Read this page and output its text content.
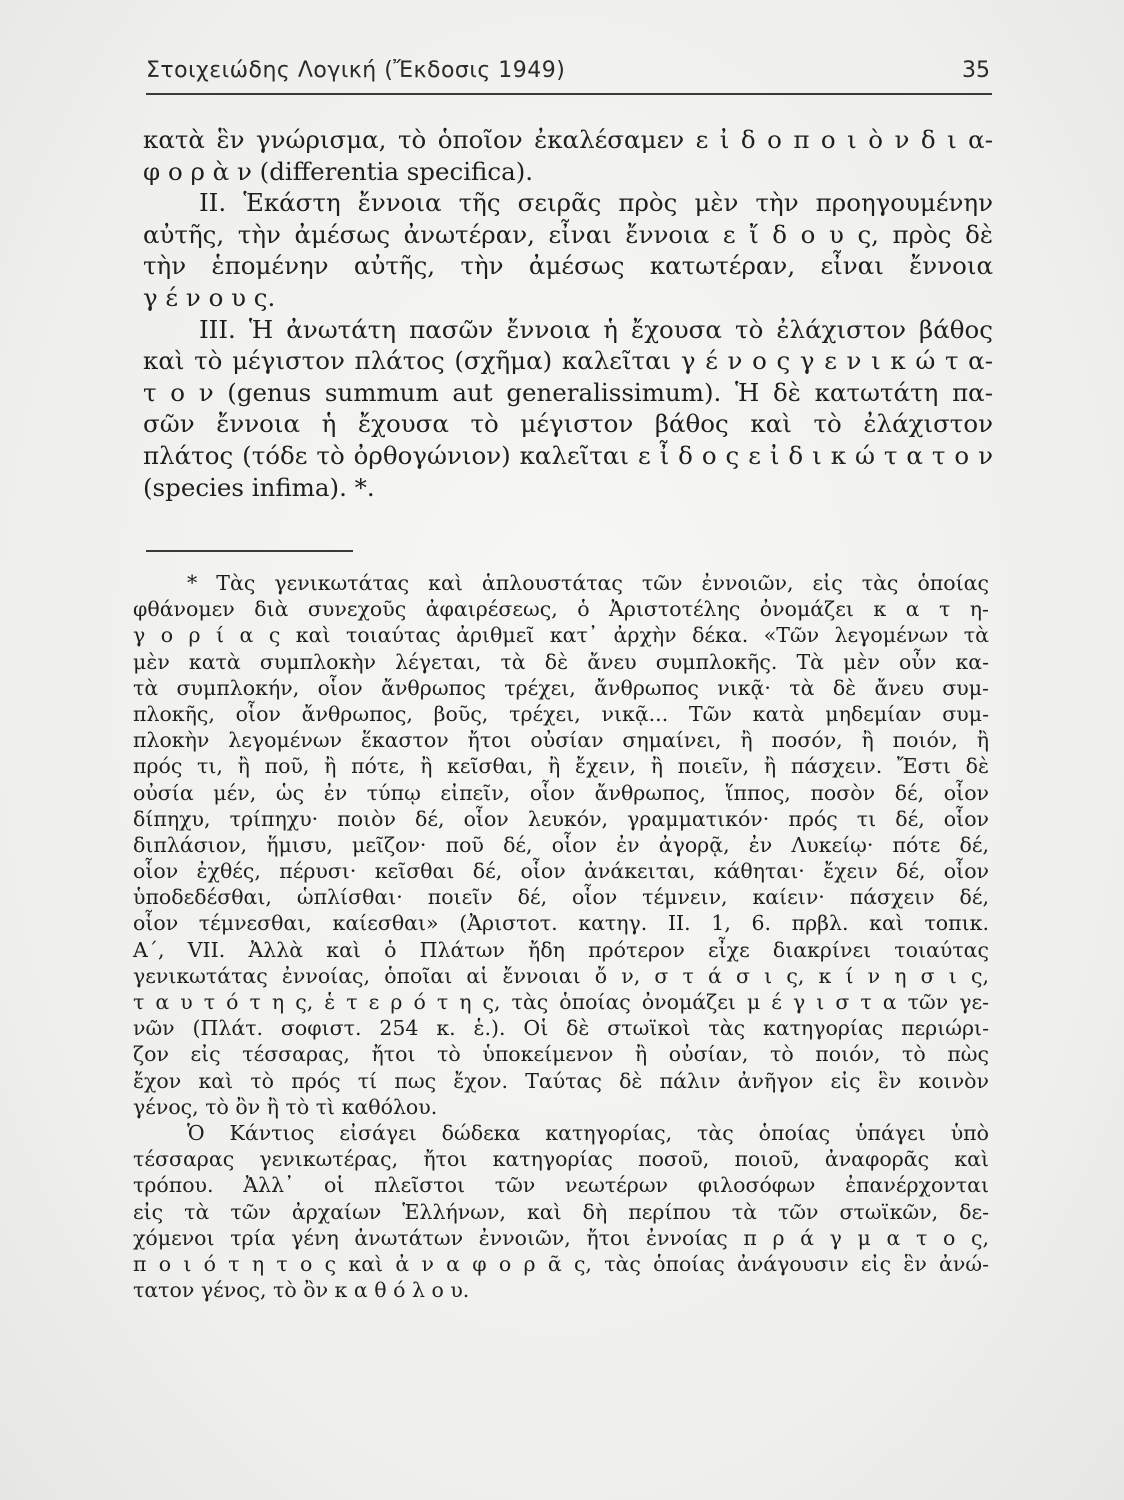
Στοιχειώδης Λογική (Ἔκδοσις 1949)	35
κατὰ ἓν γνώρισμα, τὸ ὁποῖον ἐκαλέσαμεν ε ἰ δ ο π ο ι ὸ ν δ ι α-
φ ο ρ ὰ ν (differentia specifica).
II. Ἑκάστη ἔννοια τῆς σειρᾶς πρὸς μὲν τὴν προηγουμένην
αὐτῆς, τὴν ἀμέσως ἀνωτέραν, εἶναι ἔννοια ε ἴ δ ο υ ς, πρὸς δὲ
τὴν ἑπομένην αὐτῆς, τὴν ἀμέσως κατωτέραν, εἶναι ἔννοια
γ έ ν ο υ ς.
III. Ἡ ἀνωτάτη πασῶν ἔννοια ἡ ἔχουσα τὸ ἐλάχιστον βάθος
καὶ τὸ μέγιστον πλάτος (σχῆμα) καλεῖται γ έ ν ο ς γ ε ν ι κ ώ τ α-
τ ο ν (genus summum aut generalissimum). Ἡ δὲ κατωτάτη πα-
σῶν ἔννοια ἡ ἔχουσα τὸ μέγιστον βάθος καὶ τὸ ἐλάχιστον
πλάτος (τόδε τὸ ὀρθογώνιον) καλεῖται ε ἶ δ ο ς ε ἰ δ ι κ ώ τ α τ ο ν
(species infima). *.
* Τὰς γενικωτάτας καὶ ἁπλουστάτας τῶν ἐννοιῶν, εἰς τὰς ὁποίας
φθάνομεν διὰ συνεχοῦς ἀφαιρέσεως, ὁ Ἀριστοτέλης ὀνομάζει κ α τ η-
γ ο ρ ί α ς καὶ τοιαύτας ἀριθμεῖ κατ᾿ ἀρχὴν δέκα. «Τῶν λεγομένων τὰ
μὲν κατὰ συμπλοκὴν λέγεται, τὰ δὲ ἄνευ συμπλοκῆς. Τὰ μὲν οὖν κα-
τὰ συμπλοκήν, οἷον ἄνθρωπος τρέχει, ἄνθρωπος νικᾷ· τὰ δὲ ἄνευ συμ-
πλοκῆς, οἷον ἄνθρωπος, βοῦς, τρέχει, νικᾷ... Τῶν κατὰ μηδεμίαν συμ-
πλοκὴν λεγομένων ἕκαστον ἤτοι οὐσίαν σημαίνει, ἢ ποσόν, ἢ ποιόν, ἢ
πρός τι, ἢ ποῦ, ἢ πότε, ἢ κεῖσθαι, ἢ ἔχειν, ἢ ποιεῖν, ἢ πάσχειν. Ἔστι δὲ
οὐσία μέν, ὡς ἐν τύπῳ εἰπεῖν, οἷον ἄνθρωπος, ἵππος, ποσὸν δέ, οἷον
δίπηχυ, τρίπηχυ· ποιὸν δέ, οἷον λευκόν, γραμματικόν· πρός τι δέ, οἷον
διπλάσιον, ἥμισυ, μεῖζον· ποῦ δέ, οἷον ἐν ἀγορᾷ, ἐν Λυκείῳ· πότε δέ,
οἷον ἐχθές, πέρυσι· κεῖσθαι δέ, οἷον ἀνάκειται, κάθηται· ἔχειν δέ, οἷον
ὑποδεδέσθαι, ὡπλίσθαι· ποιεῖν δέ, οἷον τέμνειν, καίειν· πάσχειν δέ,
οἷον τέμνεσθαι, καίεσθαι» (Ἀριστοτ. κατηγ. II. 1, 6. πρβλ. καὶ τοπικ.
Α΄, VII. Ἀλλὰ καὶ ὁ Πλάτων ἤδη πρότερον εἶχε διακρίνει τοιαύτας
γενικωτάτας ἐννοίας, ὁποῖαι αἱ ἔννοιαι ὄ ν, σ τ ά σ ι ς, κ ί ν η σ ι ς,
τ α υ τ ό τ η ς, ἑ τ ε ρ ό τ η ς, τὰς ὁποίας ὀνομάζει μ έ γ ι σ τ α τῶν γε-
νῶν (Πλάτ. σοφιστ. 254 κ. ἑ.). Οἱ δὲ στωϊκοὶ τὰς κατηγορίας περιώρι-
ζον εἰς τέσσαρας, ἤτοι τὸ ὑποκείμενον ἢ οὐσίαν, τὸ ποιόν, τὸ πὼς
ἔχον καὶ τὸ πρός τί πως ἔχον. Ταύτας δὲ πάλιν ἀνῆγον εἰς ἓν κοινὸν
γένος, τὸ ὂν ἢ τὸ τὶ καθόλου.
Ὁ Κάντιος εἰσάγει δώδεκα κατηγορίας, τὰς ὁποίας ὑπάγει ὑπὸ
τέσσαρας γενικωτέρας, ἤτοι κατηγορίας ποσοῦ, ποιοῦ, ἀναφορᾶς καὶ
τρόπου. Ἀλλ᾿ οἱ πλεῖστοι τῶν νεωτέρων φιλοσόφων ἐπανέρχονται
εἰς τὰ τῶν ἀρχαίων Ἑλλήνων, καὶ δὴ περίπου τὰ τῶν στωϊκῶν, δε-
χόμενοι τρία γένη ἀνωτάτων ἐννοιῶν, ἤτοι ἐννοίας π ρ ά γ μ α τ ο ς,
π ο ι ό τ η τ ο ς καὶ ἀ ν α φ ο ρ ᾶ ς, τὰς ὁποίας ἀνάγουσιν εἰς ἓν ἀνώ-
τατον γένος, τὸ ὂν κ α θ ό λ ο υ.
